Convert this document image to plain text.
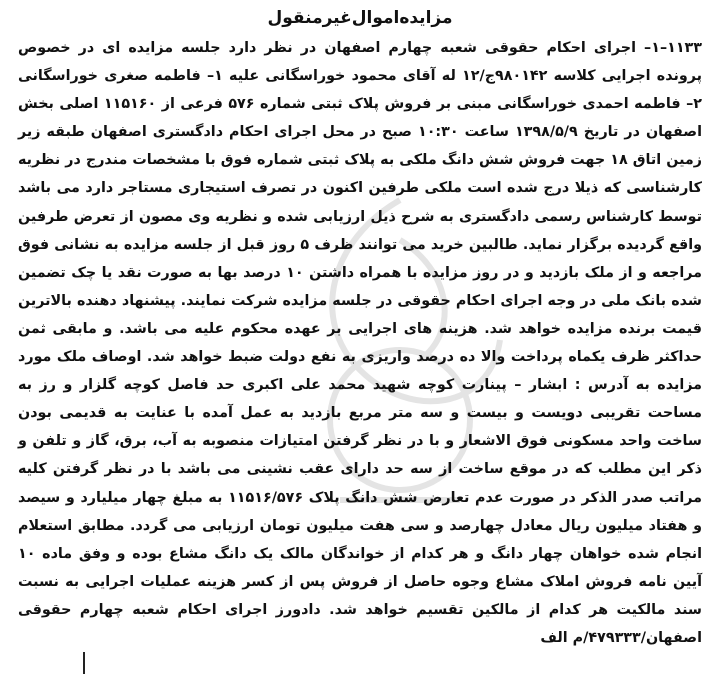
مزایده‌اموال‌غیرمنقول

۱۱۳۳–۱– اجرای احکام حقوقی شعبه چهارم اصفهان در نظر دارد جلسه مزایده ای در خصوص پرونده اجرایی کلاسه ۹۸۰۱۴۲ج/۱۲ له آقای محمود خوراسگانی علیه ۱– فاطمه صغری خوراسگانی ۲– فاطمه احمدی خوراسگانی مبنی بر فروش پلاک ثبتی شماره ۵۷۶ فرعی از ۱۱۵۱۶۰ اصلی بخش اصفهان در تاریخ ۱۳۹۸/۵/۹ ساعت ۱۰:۳۰ صبح در محل اجرای احکام دادگستری اصفهان طبقه زیر زمین اتاق ۱۸ جهت فروش شش دانگ ملکی به پلاک ثبتی شماره فوق با مشخصات مندرج در نظریه کارشناسی که ذیلا درج شده است ملکی طرفین اکنون در تصرف استیجاری مستاجر دارد می باشد توسط کارشناس رسمی دادگستری به شرح ذیل ارزیابی شده و نظریه وی مصون از تعرض طرفین واقع گردیده برگزار نماید. طالبین خرید می توانند ظرف ۵ روز قبل از جلسه مزایده به نشانی فوق مراجعه و از ملک بازدید و در روز مزایده با همراه داشتن ۱۰ درصد بها به صورت نقد یا چک تضمین شده بانک ملی در وجه اجرای احکام حقوقی در جلسه مزایده شرکت نمایند. پیشنهاد دهنده بالاترین قیمت برنده مزایده خواهد شد. هزینه های اجرایی بر عهده محکوم علیه می باشد. و مابقی ثمن حداکثر ظرف یکماه پرداخت والا ده درصد واریزی به نفع دولت ضبط خواهد شد. اوصاف ملک مورد مزایده به آدرس : ابشار – پینارت کوچه شهید محمد علی اکبری حد فاصل کوچه گلزار و رز به مساحت تقریبی دویست و بیست و سه متر مربع بازدید به عمل آمده با عنایت به قدیمی بودن ساخت واحد مسکونی فوق الاشعار و با در نظر گرفتن امتیازات منصوبه به آب، برق، گاز و تلفن و ذکر این مطلب که در موقع ساخت از سه حد دارای عقب نشینی می باشد با در نظر گرفتن کلیه مراتب صدر الذکر در صورت عدم تعارض شش دانگ پلاک ۱۱۵۱۶/۵۷۶ به مبلغ چهار میلیارد و سیصد و هفتاد میلیون ریال معادل چهارصد و سی هفت میلیون تومان ارزیابی می گردد. مطابق استعلام انجام شده خواهان چهار دانگ و هر کدام از خواندگان مالک یک دانگ مشاع بوده و وفق ماده ۱۰ آیین نامه فروش املاک مشاع وجوه حاصل از فروش پس از کسر هزینه عملیات اجرایی به نسبت سند مالکیت هر کدام از مالکین تقسیم خواهد شد. دادورز اجرای احکام شعبه چهارم حقوقی اصفهان/۴۷۹۳۳۳/م الف
